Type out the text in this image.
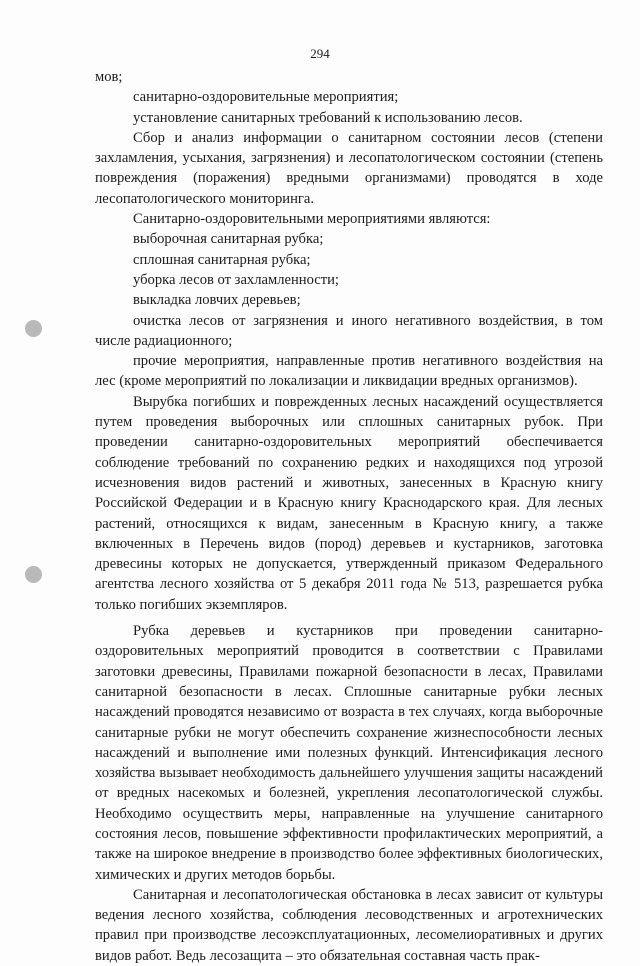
294

мов;

санитарно-оздоровительные мероприятия;

установление санитарных требований к использованию лесов.

Сбор и анализ информации о санитарном состоянии лесов (степени захламления, усыхания, загрязнения) и лесопатологическом состоянии (степень повреждения (поражения) вредными организмами) проводятся в ходе лесопатологического мониторинга.

Санитарно-оздоровительными мероприятиями являются:

выборочная санитарная рубка;

сплошная санитарная рубка;

уборка лесов от захламленности;

выкладка ловчих деревьев;

очистка лесов от загрязнения и иного негативного воздействия, в том числе радиационного;

прочие мероприятия, направленные против негативного воздействия на лес (кроме мероприятий по локализации и ликвидации вредных организмов).

Вырубка погибших и поврежденных лесных насаждений осуществляется путем проведения выборочных или сплошных санитарных рубок. При проведении санитарно-оздоровительных мероприятий обеспечивается соблюдение требований по сохранению редких и находящихся под угрозой исчезновения видов растений и животных, занесенных в Красную книгу Российской Федерации и в Красную книгу Краснодарского края. Для лесных растений, относящихся к видам, занесенным в Красную книгу, а также включенных в Перечень видов (пород) деревьев и кустарников, заготовка древесины которых не допускается, утвержденный приказом Федерального агентства лесного хозяйства от 5 декабря 2011 года № 513, разрешается рубка только погибших экземпляров.

Рубка деревьев и кустарников при проведении санитарно-оздоровительных мероприятий проводится в соответствии с Правилами заготовки древесины, Правилами пожарной безопасности в лесах, Правилами санитарной безопасности в лесах. Сплошные санитарные рубки лесных насаждений проводятся независимо от возраста в тех случаях, когда выборочные санитарные рубки не могут обеспечить сохранение жизнеспособности лесных насаждений и выполнение ими полезных функций. Интенсификация лесного хозяйства вызывает необходимость дальнейшего улучшения защиты насаждений от вредных насекомых и болезней, укрепления лесопатологической службы. Необходимо осуществить меры, направленные на улучшение санитарного состояния лесов, повышение эффективности профилактических мероприятий, а также на широкое внедрение в производство более эффективных биологических, химических и других методов борьбы.

Санитарная и лесопатологическая обстановка в лесах зависит от культуры ведения лесного хозяйства, соблюдения лесоводственных и агротехнических правил при производстве лесоэксплуатационных, лесомелиоративных и других видов работ. Ведь лесозащита – это обязательная составная часть прак-
